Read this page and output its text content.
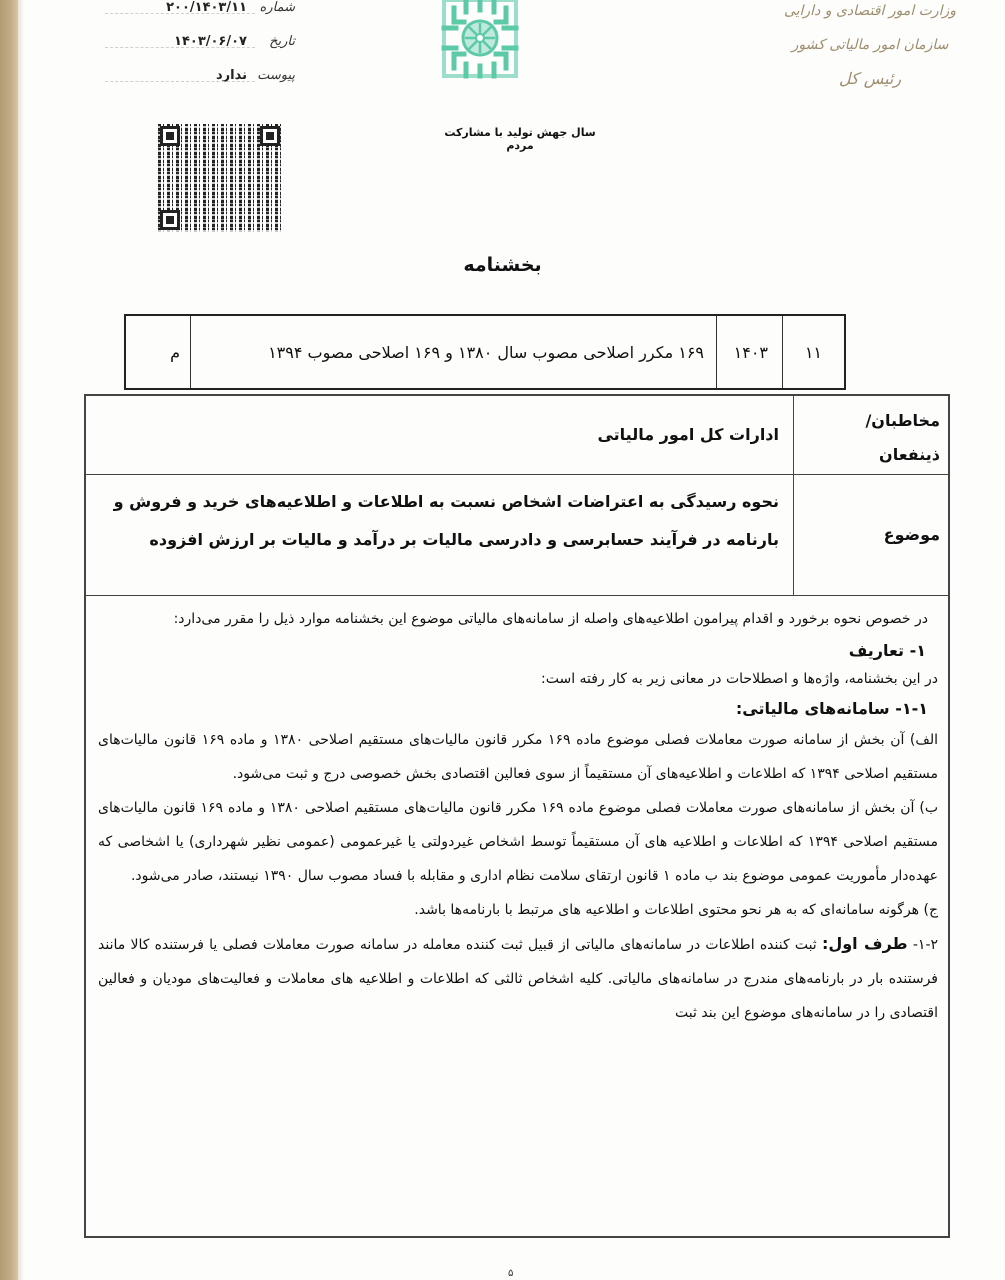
شماره
۲۰۰/۱۴۰۳/۱۱
تاریخ
۱۴۰۳/۰۶/۰۷
پیوست
ندارد
سال جهش تولید با مشارکت مردم
وزارت امور اقتصادی و دارایی
سازمان امور مالیاتی کشور
رئیس کل
بخشنامه
۱۱
۱۴۰۳
۱۶۹ مکرر اصلاحی مصوب سال ۱۳۸۰ و ۱۶۹ اصلاحی مصوب ۱۳۹۴
م
مخاطبان/
ذینفعان
ادارات کل امور مالیاتی
موضوع
نحوه رسیدگی به اعتراضات اشخاص نسبت به اطلاعات و اطلاعیه‌های خرید و فروش و بارنامه در فرآیند حسابرسی و دادرسی مالیات بر درآمد و مالیات بر ارزش افزوده

در خصوص نحوه برخورد و اقدام پیرامون اطلاعیه‌های واصله از سامانه‌های مالیاتی موضوع این بخشنامه موارد ذیل را مقرر می‌دارد:

۱- تعاریف

در این بخشنامه، واژه‌ها و اصطلاحات در معانی زیر به کار رفته است:

۱-۱- سامانه‌های مالیاتی:

الف) آن بخش از سامانه صورت معاملات فصلی موضوع ماده ۱۶۹ مکرر قانون مالیات‌های مستقیم اصلاحی ۱۳۸۰ و ماده ۱۶۹ قانون مالیات‌های مستقیم اصلاحی ۱۳۹۴ که اطلاعات و اطلاعیه‌های آن مستقیماً از سوی فعالین اقتصادی بخش خصوصی درج و ثبت می‌شود.

ب) آن بخش از سامانه‌های صورت معاملات فصلی موضوع ماده ۱۶۹ مکرر قانون مالیات‌های مستقیم اصلاحی ۱۳۸۰ و ماده ۱۶۹ قانون مالیات‌های مستقیم اصلاحی ۱۳۹۴ که اطلاعات و اطلاعیه های آن مستقیماً توسط اشخاص غیردولتی یا غیرعمومی (عمومی نظیر شهرداری) یا اشخاصی که عهده‌دار مأموریت عمومی موضوع بند ب ماده ۱ قانون ارتقای سلامت نظام اداری و مقابله با فساد مصوب سال ۱۳۹۰ نیستند، صادر می‌شود.

ج) هرگونه سامانه‌ای که به هر نحو محتوی اطلاعات و اطلاعیه های مرتبط با بارنامه‌ها باشد.

۱-۲- طرف اول: ثبت کننده اطلاعات در سامانه‌های مالیاتی از قبیل ثبت کننده معامله در سامانه صورت معاملات فصلی یا فرستنده کالا مانند فرستنده بار در بارنامه‌های مندرج در سامانه‌های مالیاتی. کلیه اشخاص ثالثی که اطلاعات و اطلاعیه های معاملات و فعالیت‌های مودیان و فعالین اقتصادی را در سامانه‌های موضوع این بند ثبت

۵
